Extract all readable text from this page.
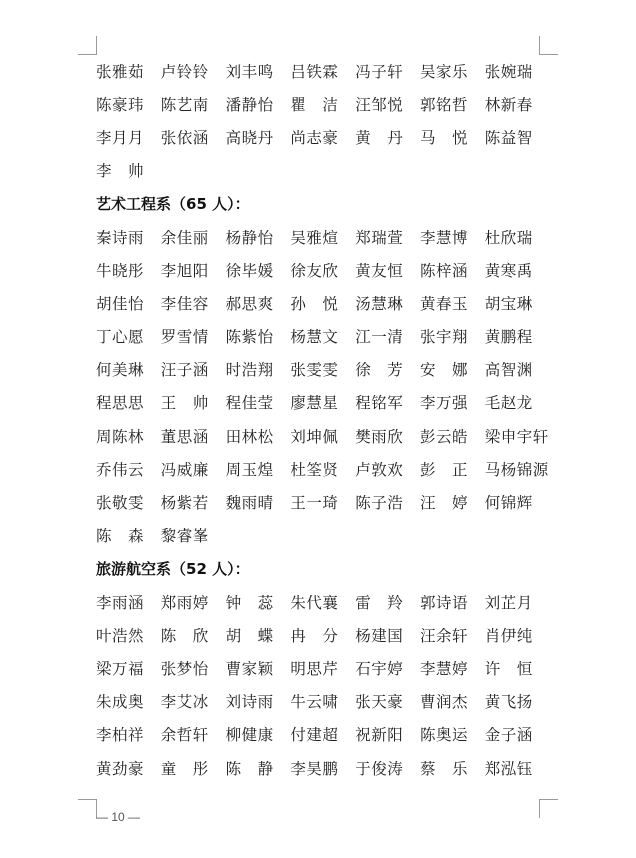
张雅茹	卢铃铃	刘丰鸣	吕铁霖	冯子轩	吴家乐	张婉瑞
陈豪玮	陈艺南	潘静怡	瞿　洁	汪邹悦	郭铭哲	林新春
李月月	张依涵	高晓丹	尚志豪	黄　丹	马　悦	陈益智
李　帅
艺术工程系（65 人）：
秦诗雨	余佳丽	杨静怡	吴雅煊	郑瑞萱	李慧博	杜欣瑞
牛晓彤	李旭阳	徐毕媛	徐友欣	黄友恒	陈梓涵	黄寒禹
胡佳怡	李佳容	郝思爽	孙　悦	汤慧琳	黄春玉	胡宝琳
丁心愿	罗雪情	陈紫怡	杨慧文	江一清	张宇翔	黄鹏程
何美琳	汪子涵	时浩翔	张雯雯	徐　芳	安　娜	高智渊
程思思	王　帅	程佳莹	廖慧星	程铭军	李万强	毛赵龙
周陈林	董思涵	田林松	刘坤佩	樊雨欣	彭云皓	梁申宇轩
乔伟云	冯威廉	周玉煌	杜筌贤	卢敦欢	彭　正	马杨锦源
张敬雯	杨紫若	魏雨晴	王一琦	陈子浩	汪　婷	何锦辉
陈　森	黎睿峯
旅游航空系（52 人）：
李雨涵	郑雨婷	钟　蕊	朱代襄	雷　羚	郭诗语	刘芷月
叶浩然	陈　欣	胡　蝶	冉　分	杨建国	汪余轩	肖伊纯
梁万福	张梦怡	曹家颖	明思芹	石宇婷	李慧婷	许　恒
朱成奥	李艾冰	刘诗雨	牛云啸	张天豪	曹润杰	黄飞扬
李柏祥	余哲轩	柳健康	付建超	祝新阳	陈奥运	金子涵
黄劲豪	童　彤	陈　静	李昊鹏	于俊涛	蔡　乐	郑泓钰
— 10 —
